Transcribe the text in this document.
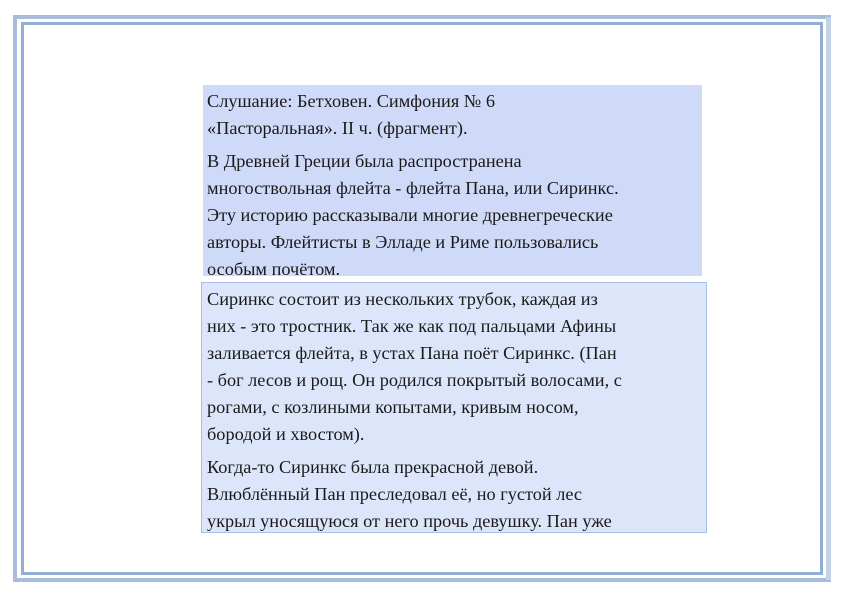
Слушание: Бетховен. Симфония № 6
«Пасторальная». II ч. (фрагмент).

В Древней Греции была распространена
многоствольная флейта - флейта Пана, или Сиринкс.
Эту историю рассказывали многие древнегреческие
авторы. Флейтисты в Элладе и Риме пользовались
особым почётом.

Сиринкс состоит из нескольких трубок, каждая из
них - это тростник. Так же как под пальцами Афины
заливается флейта, в устах Пана поёт Сиринкс. (Пан
- бог лесов и рощ. Он родился покрытый волосами, с
рогами, с козлиными копытами, кривым носом,
бородой и хвостом).

Когда-то Сиринкс была прекрасной девой.
Влюблённый Пан преследовал её, но густой лес
укрыл уносящуюся от него прочь девушку. Пан уже
